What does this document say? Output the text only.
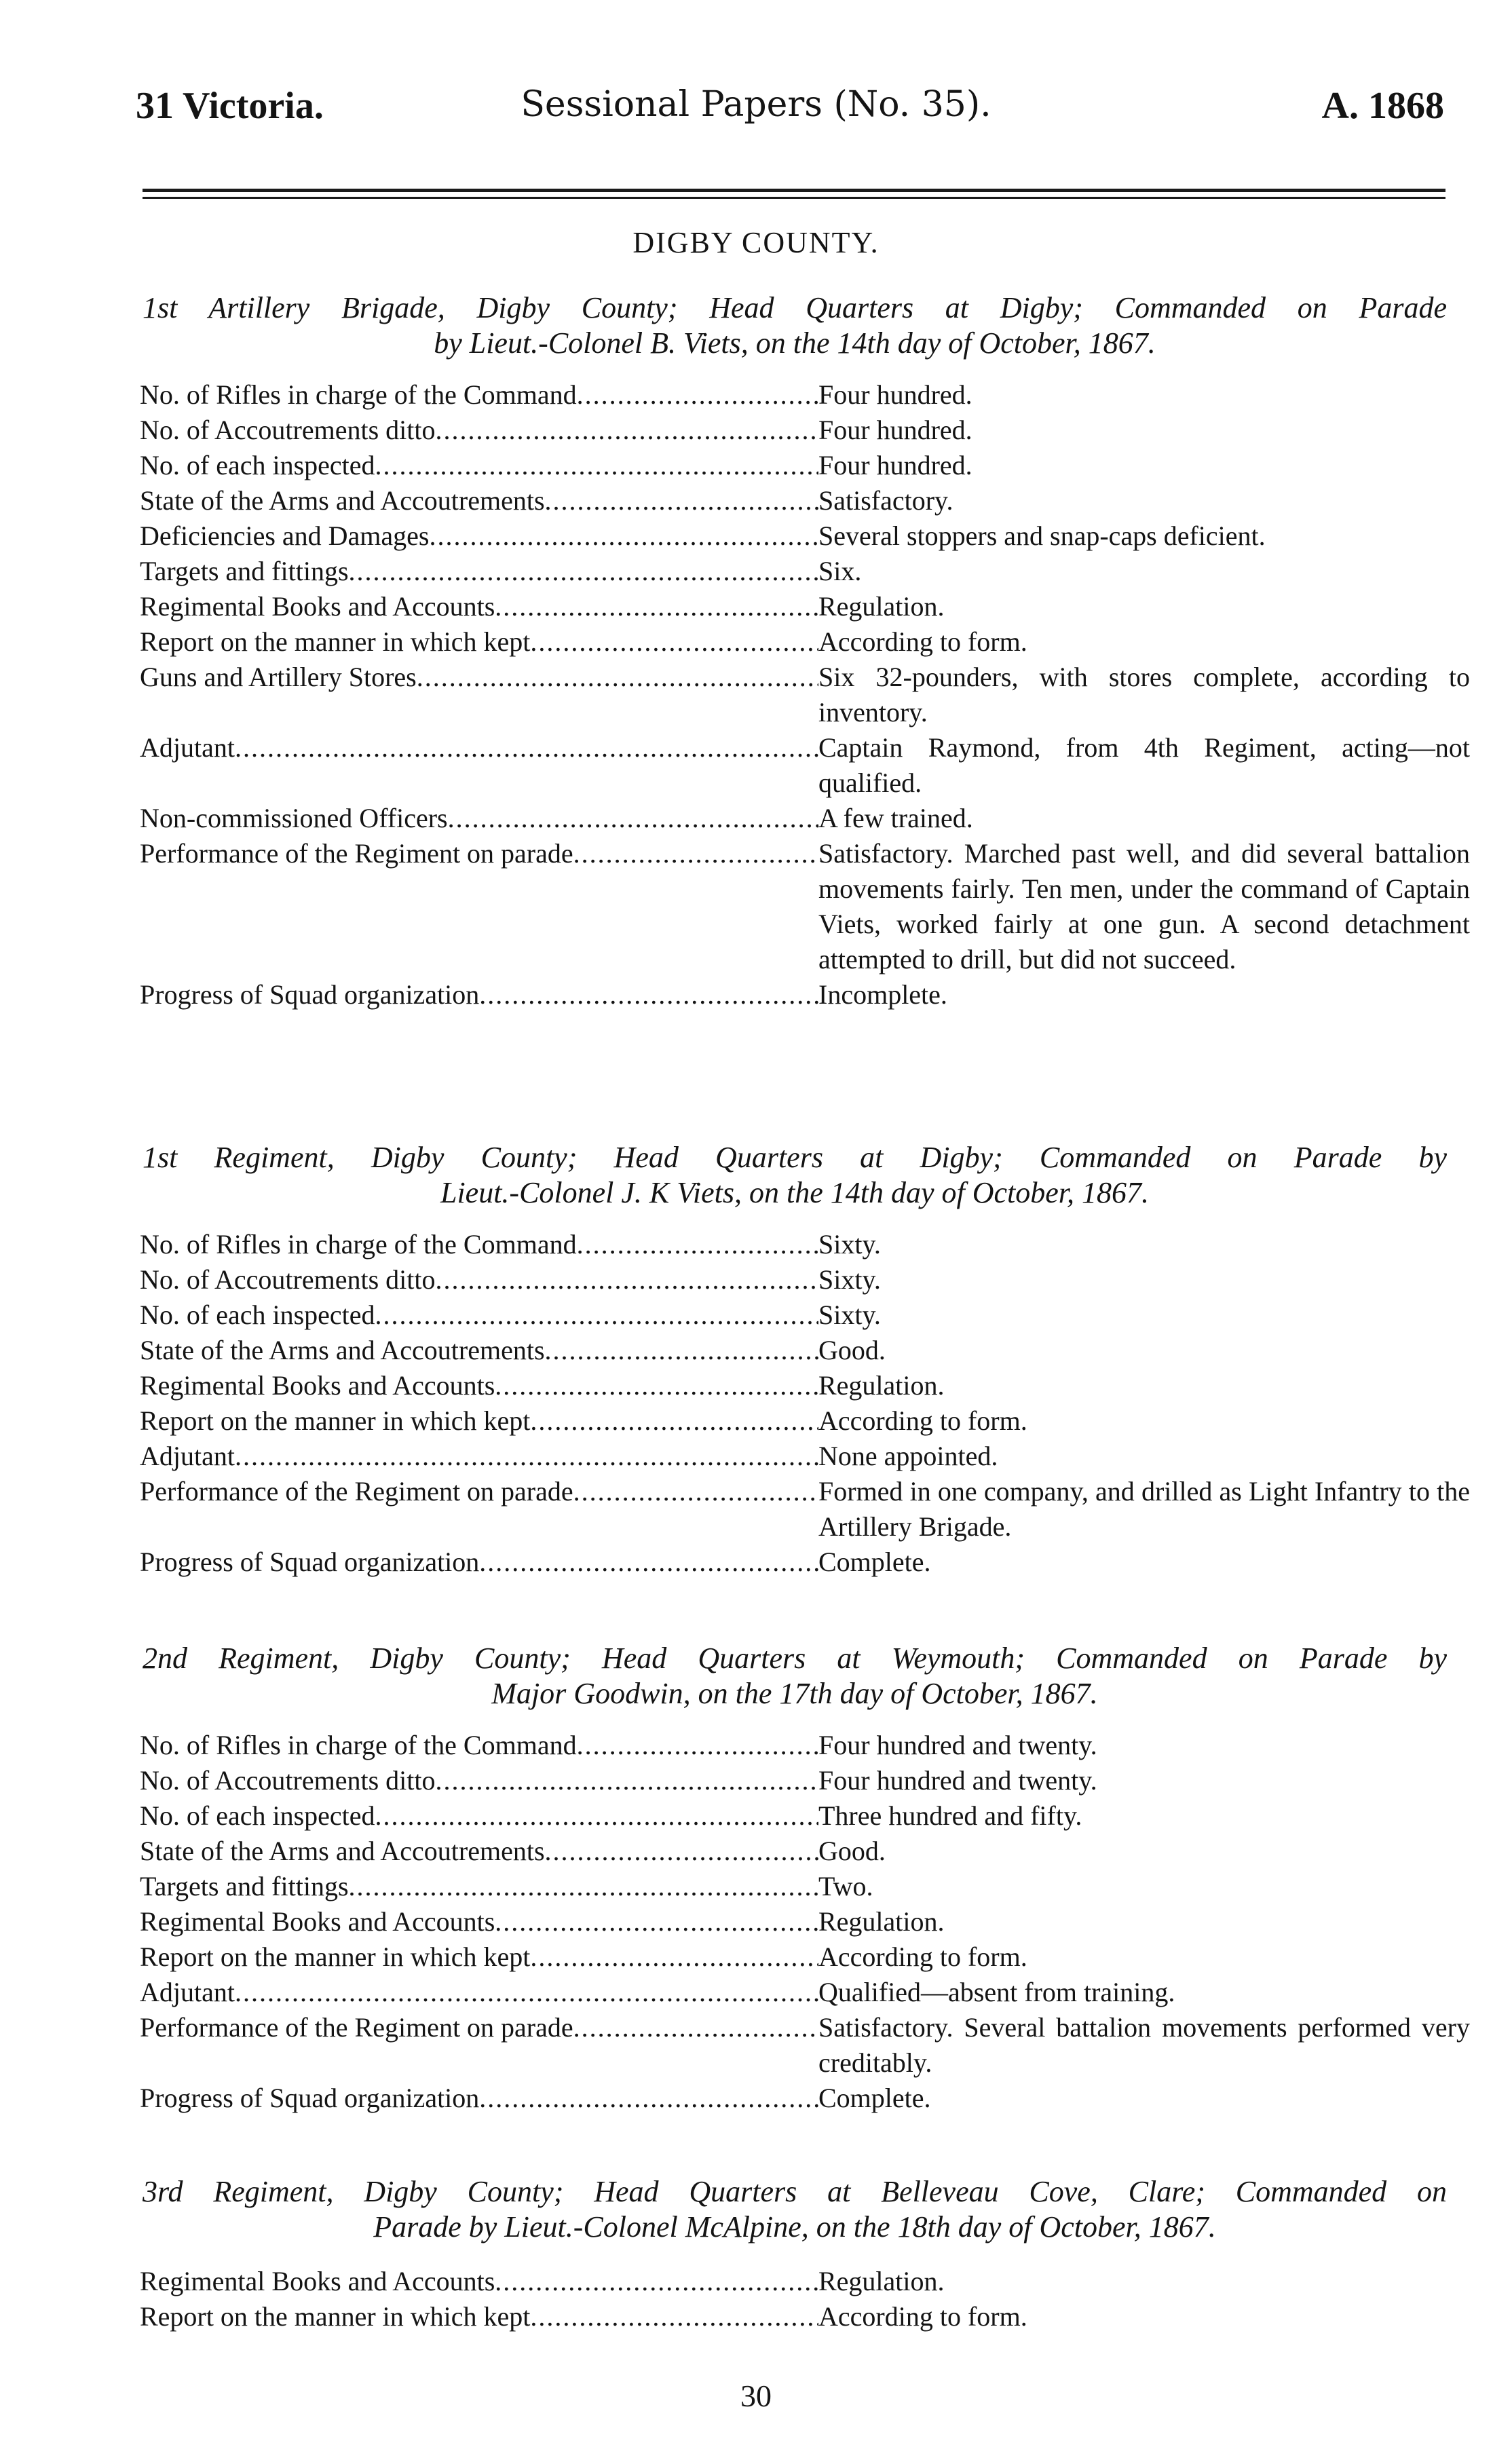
31 Victoria.	Sessional Papers (No. 35).	A. 1868
DIGBY COUNTY.
1st Artillery Brigade, Digby County; Head Quarters at Digby; Commanded on Parade
by Lieut.-Colonel B. Viets, on the 14th day of October, 1867.
No. of Rifles in charge of the Command .....	Four hundred.
No. of Accoutrements ditto .....	Four hundred.
No. of each inspected .....	Four hundred.
State of the Arms and Accoutrements .....	Satisfactory.
Deficiencies and Damages .....	Several stoppers and snap-caps deficient.
Targets and fittings .....	Six.
Regimental Books and Accounts .....	Regulation.
Report on the manner in which kept .....	According to form.
Guns and Artillery Stores .....	Six 32-pounders, with stores complete, according to inventory.
Adjutant .....	Captain Raymond, from 4th Regiment, acting—not qualified.
Non-commissioned Officers .....	A few trained.
Performance of the Regiment on parade .....	Satisfactory. Marched past well, and did several battalion movements fairly. Ten men, under the command of Captain Viets, worked fairly at one gun. A second detachment attempted to drill, but did not succeed.
Progress of Squad organization .....	Incomplete.
1st Regiment, Digby County; Head Quarters at Digby; Commanded on Parade by
Lieut.-Colonel J. K Viets, on the 14th day of October, 1867.
No. of Rifles in charge of the Command .....	Sixty.
No. of Accoutrements ditto .....	Sixty.
No. of each inspected .....	Sixty.
State of the Arms and Accoutrements .....	Good.
Regimental Books and Accounts .....	Regulation.
Report on the manner in which kept .....	According to form.
Adjutant .....	None appointed.
Performance of the Regiment on parade .....	Formed in one company, and drilled as Light Infantry to the Artillery Brigade.
Progress of Squad organization .....	Complete.
2nd Regiment, Digby County; Head Quarters at Weymouth; Commanded on Parade by
Major Goodwin, on the 17th day of October, 1867.
No. of Rifles in charge of the Command .....	Four hundred and twenty.
No. of Accoutrements ditto .....	Four hundred and twenty.
No. of each inspected .....	Three hundred and fifty.
State of the Arms and Accoutrements .....	Good.
Targets and fittings .....	Two.
Regimental Books and Accounts .....	Regulation.
Report on the manner in which kept .....	According to form.
Adjutant .....	Qualified—absent from training.
Performance of the Regiment on parade .....	Satisfactory. Several battalion movements performed very creditably.
Progress of Squad organization .....	Complete.
3rd Regiment, Digby County; Head Quarters at Belleveau Cove, Clare; Commanded on
Parade by Lieut.-Colonel McAlpine, on the 18th day of October, 1867.
Regimental Books and Accounts .....	Regulation.
Report on the manner in which kept .....	According to form.
30
